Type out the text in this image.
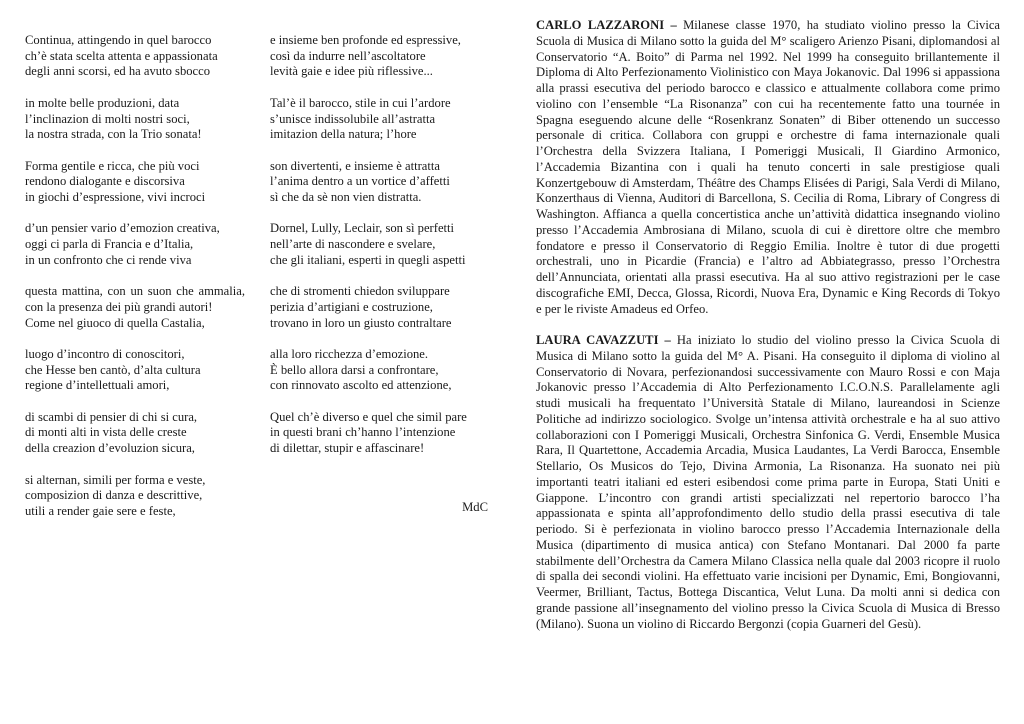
Continua, attingendo in quel barocco
ch’è stata scelta attenta e appassionata
degli anni scorsi, ed ha avuto sbocco
in molte belle produzioni, data
l’inclinazion di molti nostri soci,
la nostra strada, con la Trio sonata!
Forma gentile e ricca, che più voci
rendono dialogante e discorsiva
in giochi d’espressione, vivi incroci
d’un pensier vario d’emozion creativa,
oggi ci parla di Francia e d’Italia,
in un confronto che ci rende viva
questa mattina, con un suon che ammalia,
con la presenza dei più grandi autori!
Come nel giuoco di quella Castalia,
luogo d’incontro di conoscitori,
che Hesse ben cantò, d’alta cultura
regione d’intellettuali amori,
di scambi di pensier di chi si cura,
di monti alti in vista delle creste
della creazion d’evoluzion sicura,
si alternan, simili per forma e veste,
composizion di danza e descrittive,
utili a render gaie sere e feste,
e insieme ben profonde ed espressive,
così da indurre nell’ascoltatore
levità gaie e idee più riflessive...
Tal’è il barocco, stile in cui l’ardore
s’unisce indissolubile all’astratta
imitazion della natura; l’hore
son divertenti, e insieme è attratta
l’anima dentro a un vortice d’affetti
sì che da sè non vien distratta.
Dornel, Lully, Leclair, son sì perfetti
nell’arte di nascondere e svelare,
che gli italiani, esperti in quegli aspetti
che di stromenti chiedon sviluppare
perizia d’artigiani e costruzione,
trovano in loro un giusto contraltare
alla loro ricchezza d’emozione.
È bello allora darsi a confrontare,
con rinnovato ascolto ed attenzione,
Quel ch’è diverso e quel che simil pare
in questi brani ch’hanno l’intenzione
di dilettar, stupir e affascinare!
MdC

CARLO LAZZARONI – Milanese classe 1970, ha studiato violino presso la Civica Scuola di Musica di Milano sotto la guida del M° scaligero Arienzo Pisani, diplomandosi al Conservatorio “A. Boito” di Parma nel 1992. Nel 1999 ha conseguito brillantemente il Diploma di Alto Perfezionamento Violinistico con Maya Jokanovic. Dal 1996 si appassiona alla prassi esecutiva del periodo barocco e classico e attualmente collabora come primo violino con l’ensemble “La Risonanza” con cui ha recentemente fatto una tournée in Spagna eseguendo alcune delle “Rosenkranz Sonaten” di Biber ottenendo un successo personale di critica. Collabora con gruppi e orchestre di fama internazionale quali l’Orchestra della Svizzera Italiana, I Pomeriggi Musicali, Il Giardino Armonico, l’Accademia Bizantina con i quali ha tenuto concerti in sale prestigiose quali Konzertgebouw di Amsterdam, Théâtre des Champs Elisées di Parigi, Sala Verdi di Milano, Konzerthaus di Vienna, Auditori di Barcellona, S. Cecilia di Roma, Library of Congress di Washington. Affianca a quella concertistica anche un’attività didattica insegnando violino presso l’Accademia Ambrosiana di Milano, scuola di cui è direttore oltre che membro fondatore e presso il Conservatorio di Reggio Emilia. Inoltre è tutor di due progetti orchestrali, uno in Picardie (Francia) e l’altro ad Abbiategrasso, presso l’Orchestra dell’Annunciata, orientati alla prassi esecutiva. Ha al suo attivo registrazioni per le case discografiche EMI, Decca, Glossa, Ricordi, Nuova Era, Dynamic e King Records di Tokyo e per le riviste Amadeus ed Orfeo.

LAURA CAVAZZUTI – Ha iniziato lo studio del violino presso la Civica Scuola di Musica di Milano sotto la guida del M° A. Pisani. Ha conseguito il diploma di violino al Conservatorio di Novara, perfezionandosi successivamente con Mauro Rossi e con Maja Jokanovic presso l’Accademia di Alto Perfezionamento I.C.O.N.S. Parallelamente agli studi musicali ha frequentato l’Università Statale di Milano, laureandosi in Scienze Politiche ad indirizzo sociologico. Svolge un’intensa attività orchestrale e ha al suo attivo collaborazioni con I Pomeriggi Musicali, Orchestra Sinfonica G. Verdi, Ensemble Musica Rara, Il Quartettone, Accademia Arcadia, Musica Laudantes, La Verdi Barocca, Ensemble Stellario, Os Musicos do Tejo, Divina Armonia, La Risonanza. Ha suonato nei più importanti teatri italiani ed esteri esibendosi come prima parte in Europa, Stati Uniti e Giappone. L’incontro con grandi artisti specializzati nel repertorio barocco l’ha appassionata e spinta all’approfondimento dello studio della prassi esecutiva di tale periodo. Si è perfezionata in violino barocco presso l’Accademia Internazionale della Musica (dipartimento di musica antica) con Stefano Montanari. Dal 2000 fa parte stabilmente dell’Orchestra da Camera Milano Classica nella quale dal 2003 ricopre il ruolo di spalla dei secondi violini. Ha effettuato varie incisioni per Dynamic, Emi, Bongiovanni, Veermer, Brilliant, Tactus, Bottega Discantica, Velut Luna. Da molti anni si dedica con grande passione all’insegnamento del violino presso la Civica Scuola di Musica di Bresso (Milano). Suona un violino di Riccardo Bergonzi (copia Guarneri del Gesù).
